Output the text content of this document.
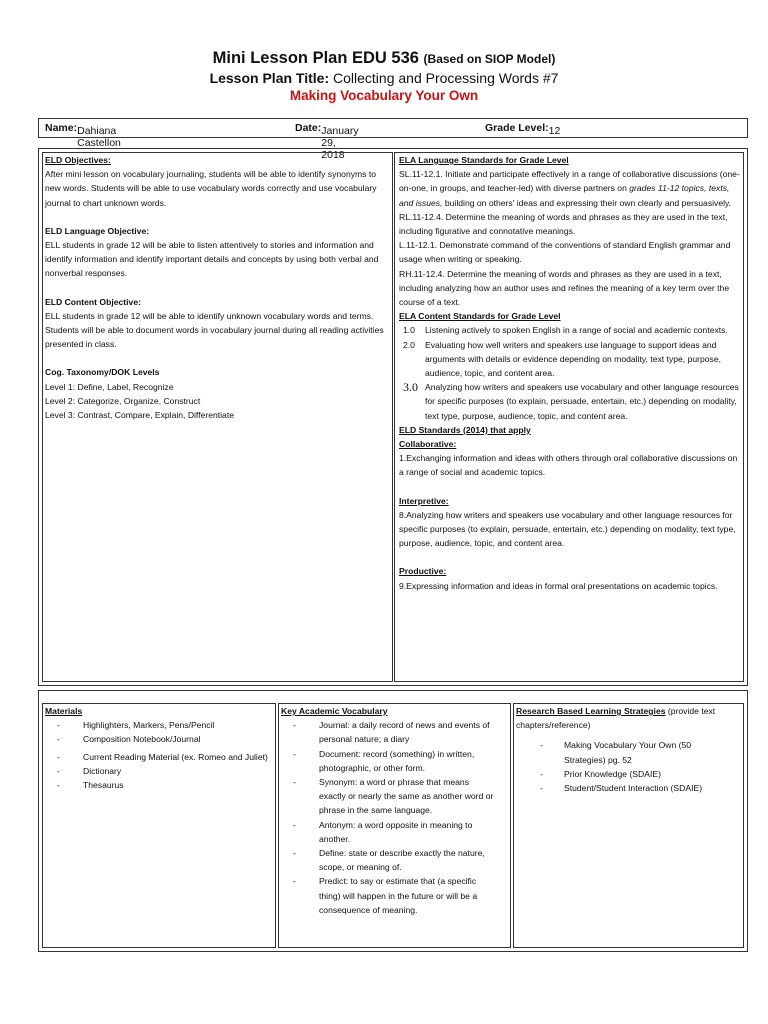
Mini Lesson Plan EDU 536 (Based on SIOP Model)
Lesson Plan Title: Collecting and Processing Words #7
Making Vocabulary Your Own
Name: Dahiana Castellon
Date: January 29, 2018
Grade Level: 12

ELD Objectives:

After mini lesson on vocabulary journaling, students will be able to identify synonyms to new words. Students will be able to use vocabulary words correctly and use vocabulary journal to chart unknown words.

ELD Language Objective:

ELL students in grade 12 will be able to listen attentively to stories and information and identify information and identify important details and concepts by using both verbal and nonverbal responses.

ELD Content Objective:

ELL students in grade 12 will be able to identify unknown vocabulary words and terms. Students will be able to document words in vocabulary journal during all reading activities presented in class.

Cog. Taxonomy/DOK Levels

Level 1: Define, Label, Recognize

Level 2: Categorize, Organize, Construct

Level 3: Contrast, Compare, Explain, Differentiate

ELA Language Standards for Grade Level

SL.11-12.1. Initiate and participate effectively in a range of collaborative discussions (one-on-one, in groups, and teacher-led) with diverse partners on grades 11-12 topics, texts, and issues, building on others' ideas and expressing their own clearly and persuasively.

RL.11-12.4. Determine the meaning of words and phrases as they are used in the text, including figurative and connotative meanings.

L.11-12.1. Demonstrate command of the conventions of standard English grammar and usage when writing or speaking.

RH.11-12.4. Determine the meaning of words and phrases as they are used in a text, including analyzing how an author uses and refines the meaning of a key term over the course of a text.

ELA Content Standards for Grade Level

1.0 Listening actively to spoken English in a range of social and academic contexts.
2.0 Evaluating how well writers and speakers use language to support ideas and arguments with details or evidence depending on modality, text type, purpose, audience, topic, and content area.
3.0 Analyzing how writers and speakers use vocabulary and other language resources for specific purposes (to explain, persuade, entertain, etc.) depending on modality, text type, purpose, audience, topic, and content area.

ELD Standards (2014) that apply

Collaborative:

1.Exchanging information and ideas with others through oral collaborative discussions on a range of social and academic topics.

Interpretive:

8.Analyzing how writers and speakers use vocabulary and other language resources for specific purposes (to explain, persuade, entertain, etc.) depending on modality, text type, purpose, audience, topic, and content area.

Productive:

9.Expressing information and ideas in formal oral presentations on academic topics.

Materials

-	Highlighters, Markers, Pens/Pencil
-	Composition Notebook/Journal
-	Current Reading Material (ex. Romeo and Juliet)
-	Dictionary
-	Thesaurus

Key Academic Vocabulary

-	Journal: a daily record of news and events of personal nature; a diary
-	Document: record (something) in written, photographic, or other form.
-	Synonym: a word or phrase that means exactly or nearly the same as another word or phrase in the same language.
-	Antonym: a word opposite in meaning to another.
-	Define: state or describe exactly the nature, scope, or meaning of.
-	Predict: to say or estimate that (a specific thing) will happen in the future or will be a consequence of meaning.

Research Based Learning Strategies (provide text chapters/reference)

- Making Vocabulary Your Own (50 Strategies) pg. 52
- Prior Knowledge (SDAIE)
- Student/Student Interaction (SDAIE)
